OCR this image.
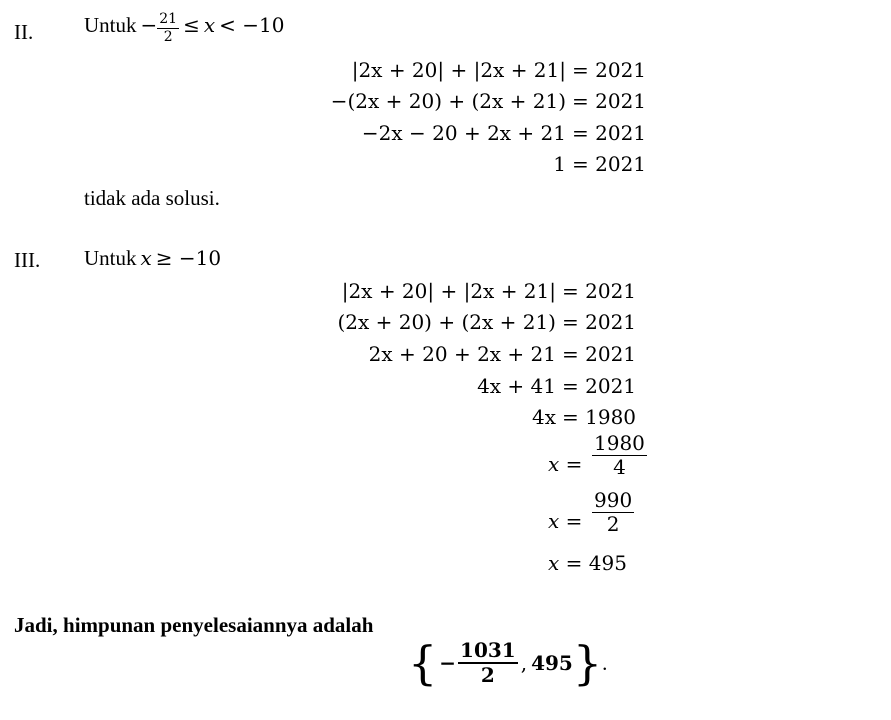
II. Untuk − $\frac{21}{2} \le x < -10$
|2x + 20| + |2x + 21| = 2021
−(2x + 20) + (2x + 21) = 2021
−2x − 20 + 2x + 21 = 2021
1 = 2021
tidak ada solusi.
III. Untuk x ≥ −10
|2x + 20| + |2x + 21| = 2021
(2x + 20) + (2x + 21) = 2021
2x + 20 + 2x + 21 = 2021
4x + 41 = 2021
4x = 1980
$x = \frac{1980}{4}$
$x = \frac{990}{2}$
x = 495
Jadi, himpunan penyelesaiannya adalah
{ − $\frac{1031}{2}$ , 495 } .
